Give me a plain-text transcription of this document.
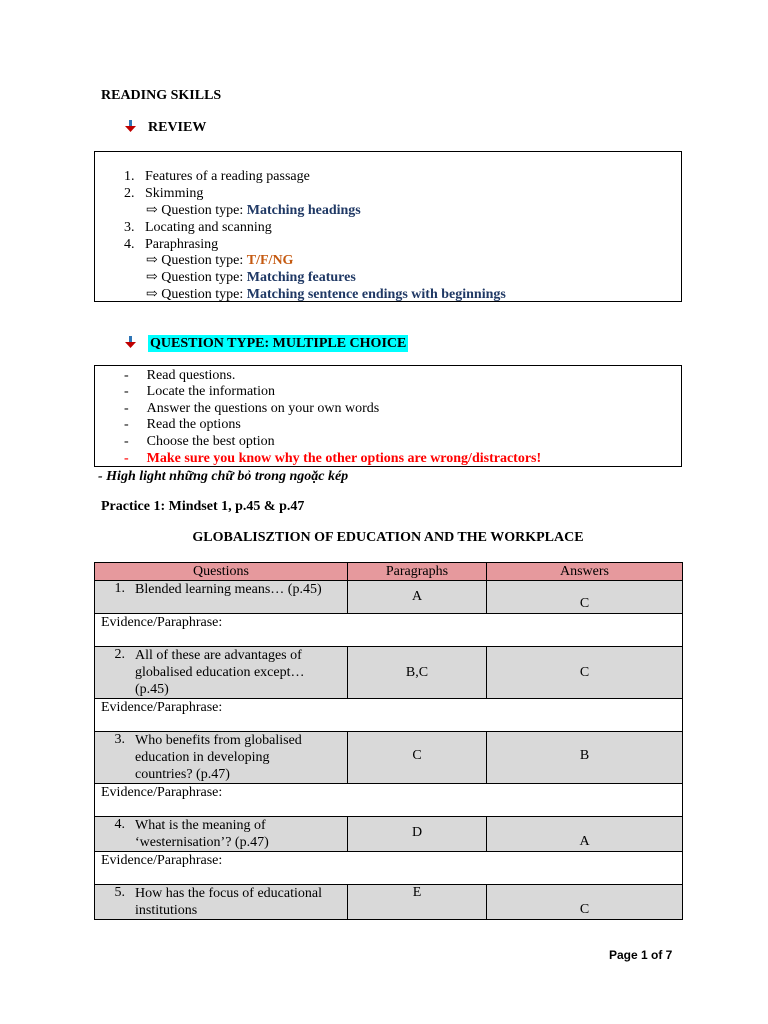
READING SKILLS
REVIEW
1. Features of a reading passage
2. Skimming
⇨ Question type: Matching headings
3. Locating and scanning
4. Paraphrasing
⇨ Question type: T/F/NG
⇨ Question type: Matching features
⇨ Question type: Matching sentence endings with beginnings
QUESTION TYPE: MULTIPLE CHOICE
- Read questions.
- Locate the information
- Answer the questions on your own words
- Read the options
- Choose the best option
- Make sure you know why the other options are wrong/distractors!
- High light những chữ bỏ trong ngoặc kép
Practice 1: Mindset 1, p.45 & p.47
GLOBALISZTION OF EDUCATION AND THE WORKPLACE
Questions	Paragraphs	Answers
1. Blended learning means… (p.45)	A	C

Evidence/Paraphrase:		

2. All of these are advantages of globalised education except… (p.45)	B,C	C

Evidence/Paraphrase:		

3. Who benefits from globalised education in developing countries? (p.47)	C	B

Evidence/Paraphrase:		

4. What is the meaning of ‘westernisation’? (p.47)	D	A

Evidence/Paraphrase:		

5. How has the focus of educational institutions	E	C
Page 1 of 7
